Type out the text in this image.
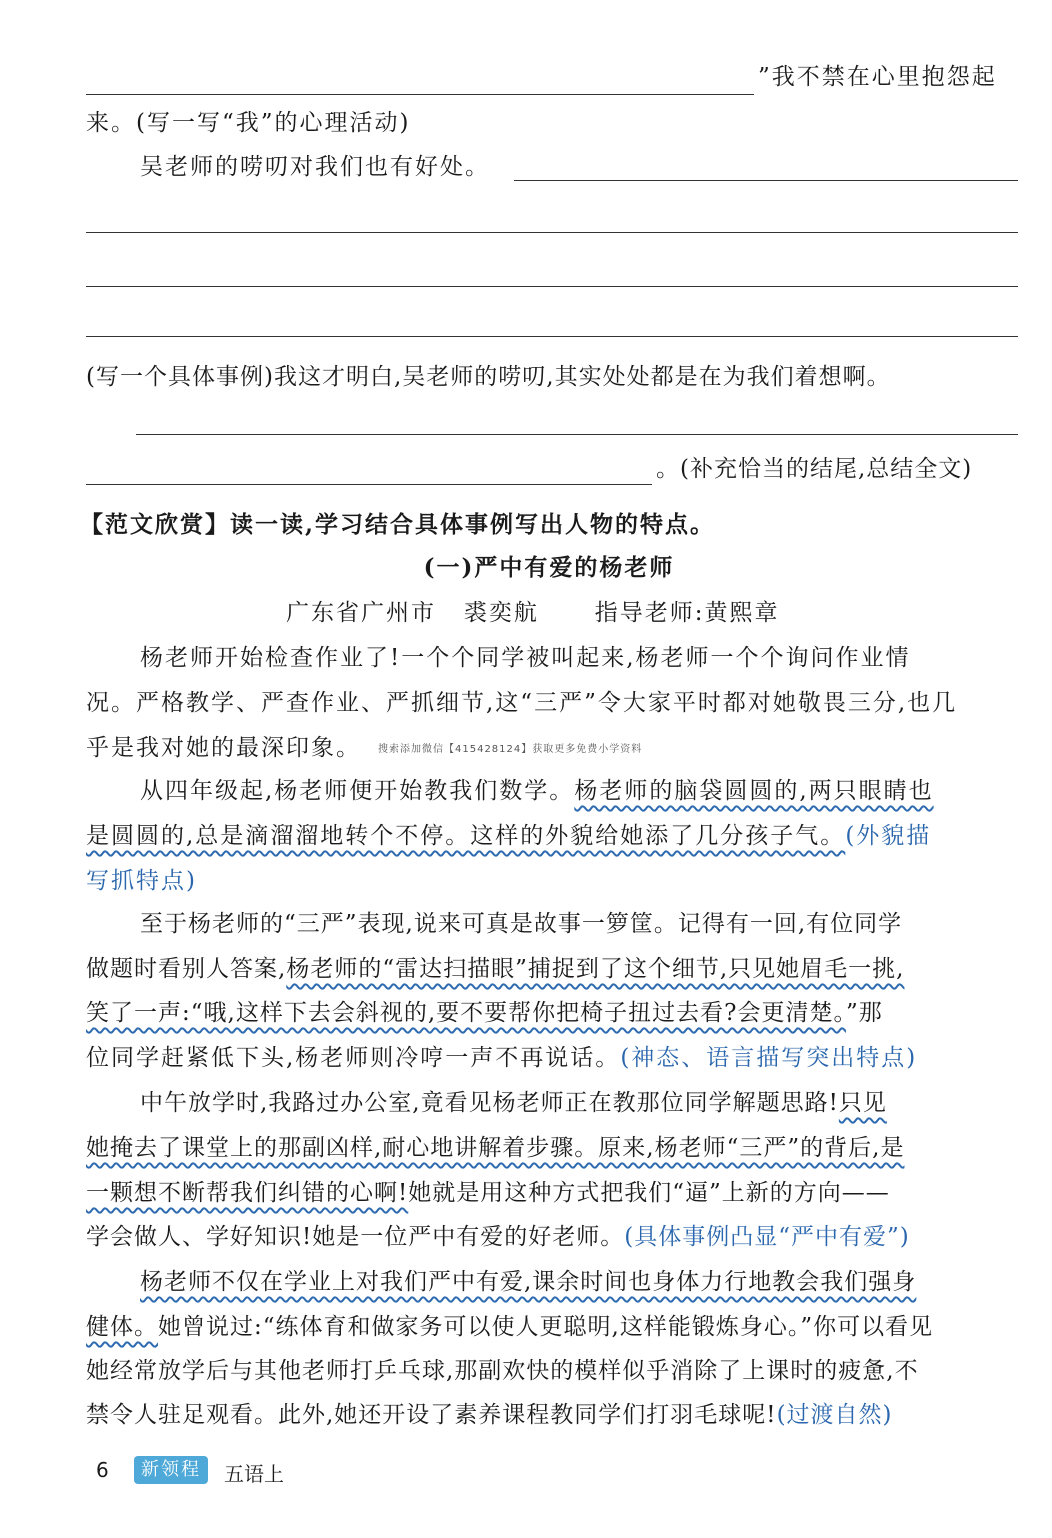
”我不禁在心里抱怨起
来。(写一写“我”的心理活动)
吴老师的唠叨对我们也有好处。
(写一个具体事例)我这才明白,吴老师的唠叨,其实处处都是在为我们着想啊。
。(补充恰当的结尾,总结全文)
【范文欣赏】读一读,学习结合具体事例写出人物的特点。
(一)严中有爱的杨老师
广东省广州市   裘奕航      指导老师:黄熙章
杨老师开始检查作业了!一个个同学被叫起来,杨老师一个个询问作业情
况。严格教学、严查作业、严抓细节,这“三严”令大家平时都对她敬畏三分,也几
乎是我对她的最深印象。	搜索添加微信【415428124】获取更多免费小学资料
从四年级起,杨老师便开始教我们数学。杨老师的脑袋圆圆的,两只眼睛也
是圆圆的,总是滴溜溜地转个不停。这样的外貌给她添了几分孩子气。(外貌描
写抓特点)
至于杨老师的“三严”表现,说来可真是故事一箩筐。记得有一回,有位同学
做题时看别人答案,杨老师的“雷达扫描眼”捕捉到了这个细节,只见她眉毛一挑,
笑了一声:“哦,这样下去会斜视的,要不要帮你把椅子扭过去看?会更清楚。”那
位同学赶紧低下头,杨老师则冷哼一声不再说话。(神态、语言描写突出特点)
中午放学时,我路过办公室,竟看见杨老师正在教那位同学解题思路!只见
她掩去了课堂上的那副凶样,耐心地讲解着步骤。原来,杨老师“三严”的背后,是
一颗想不断帮我们纠错的心啊!她就是用这种方式把我们“逼”上新的方向——
学会做人、学好知识!她是一位严中有爱的好老师。(具体事例凸显“严中有爱”)
杨老师不仅在学业上对我们严中有爱,课余时间也身体力行地教会我们强身
健体。她曾说过:“练体育和做家务可以使人更聪明,这样能锻炼身心。”你可以看见
她经常放学后与其他老师打乒乓球,那副欢快的模样似乎消除了上课时的疲惫,不
禁令人驻足观看。此外,她还开设了素养课程教同学们打羽毛球呢!(过渡自然)
6	新领程	五语上
